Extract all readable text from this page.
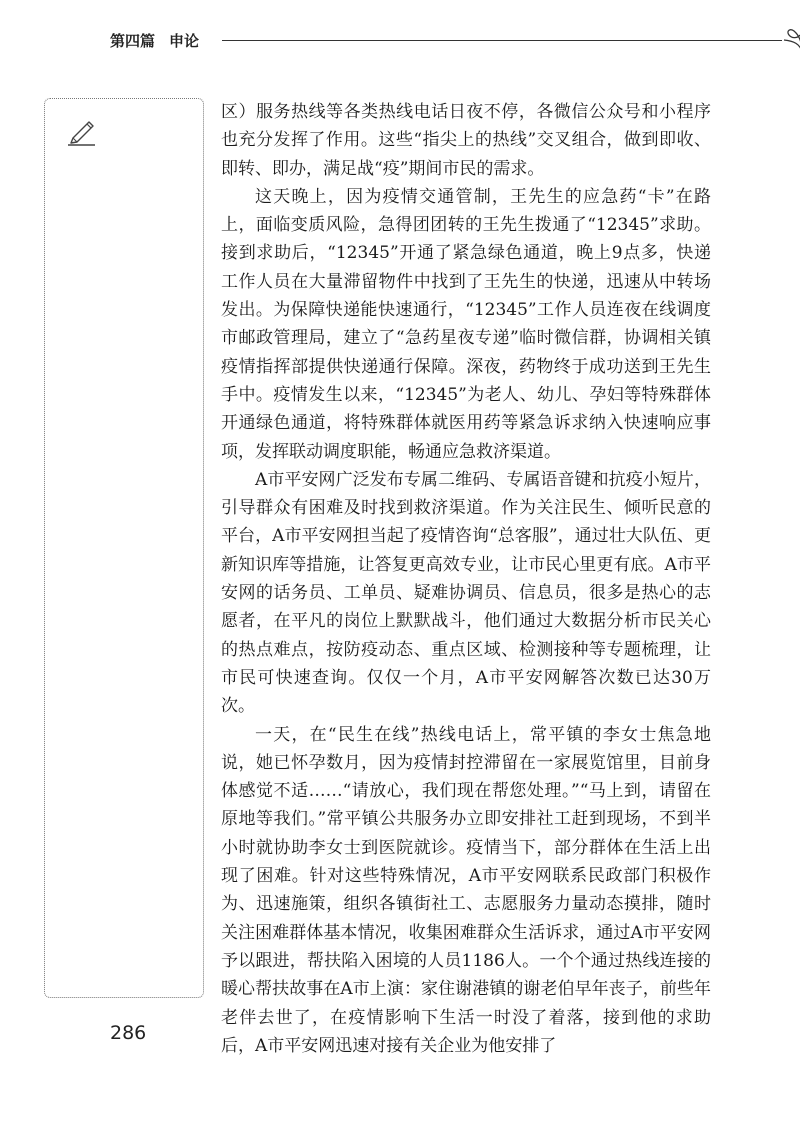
第四篇 申论

区）服务热线等各类热线电话日夜不停，各微信公众号和小程序也充分发挥了作用。这些“指尖上的热线”交叉组合，做到即收、即转、即办，满足战“疫”期间市民的需求。

这天晚上，因为疫情交通管制，王先生的应急药“卡”在路上，面临变质风险，急得团团转的王先生拨通了“12345”求助。接到求助后，“12345”开通了紧急绿色通道，晚上9点多，快递工作人员在大量滞留物件中找到了王先生的快递，迅速从中转场发出。为保障快递能快速通行，“12345”工作人员连夜在线调度市邮政管理局，建立了“急药星夜专递”临时微信群，协调相关镇疫情指挥部提供快递通行保障。深夜，药物终于成功送到王先生手中。疫情发生以来，“12345”为老人、幼儿、孕妇等特殊群体开通绿色通道，将特殊群体就医用药等紧急诉求纳入快速响应事项，发挥联动调度职能，畅通应急救济渠道。

A市平安网广泛发布专属二维码、专属语音键和抗疫小短片，引导群众有困难及时找到救济渠道。作为关注民生、倾听民意的平台，A市平安网担当起了疫情咨询“总客服”，通过壮大队伍、更新知识库等措施，让答复更高效专业，让市民心里更有底。A市平安网的话务员、工单员、疑难协调员、信息员，很多是热心的志愿者，在平凡的岗位上默默战斗，他们通过大数据分析市民关心的热点难点，按防疫动态、重点区域、检测接种等专题梳理，让市民可快速查询。仅仅一个月，A市平安网解答次数已达30万次。

一天，在“民生在线”热线电话上，常平镇的李女士焦急地说，她已怀孕数月，因为疫情封控滞留在一家展览馆里，目前身体感觉不适……“请放心，我们现在帮您处理。”“马上到，请留在原地等我们。”常平镇公共服务办立即安排社工赶到现场，不到半小时就协助李女士到医院就诊。疫情当下，部分群体在生活上出现了困难。针对这些特殊情况，A市平安网联系民政部门积极作为、迅速施策，组织各镇街社工、志愿服务力量动态摸排，随时关注困难群体基本情况，收集困难群众生活诉求，通过A市平安网予以跟进，帮扶陷入困境的人员1186人。一个个通过热线连接的暖心帮扶故事在A市上演：家住谢港镇的谢老伯早年丧子，前些年老伴去世了，在疫情影响下生活一时没了着落，接到他的求助后，A市平安网迅速对接有关企业为他安排了

286
